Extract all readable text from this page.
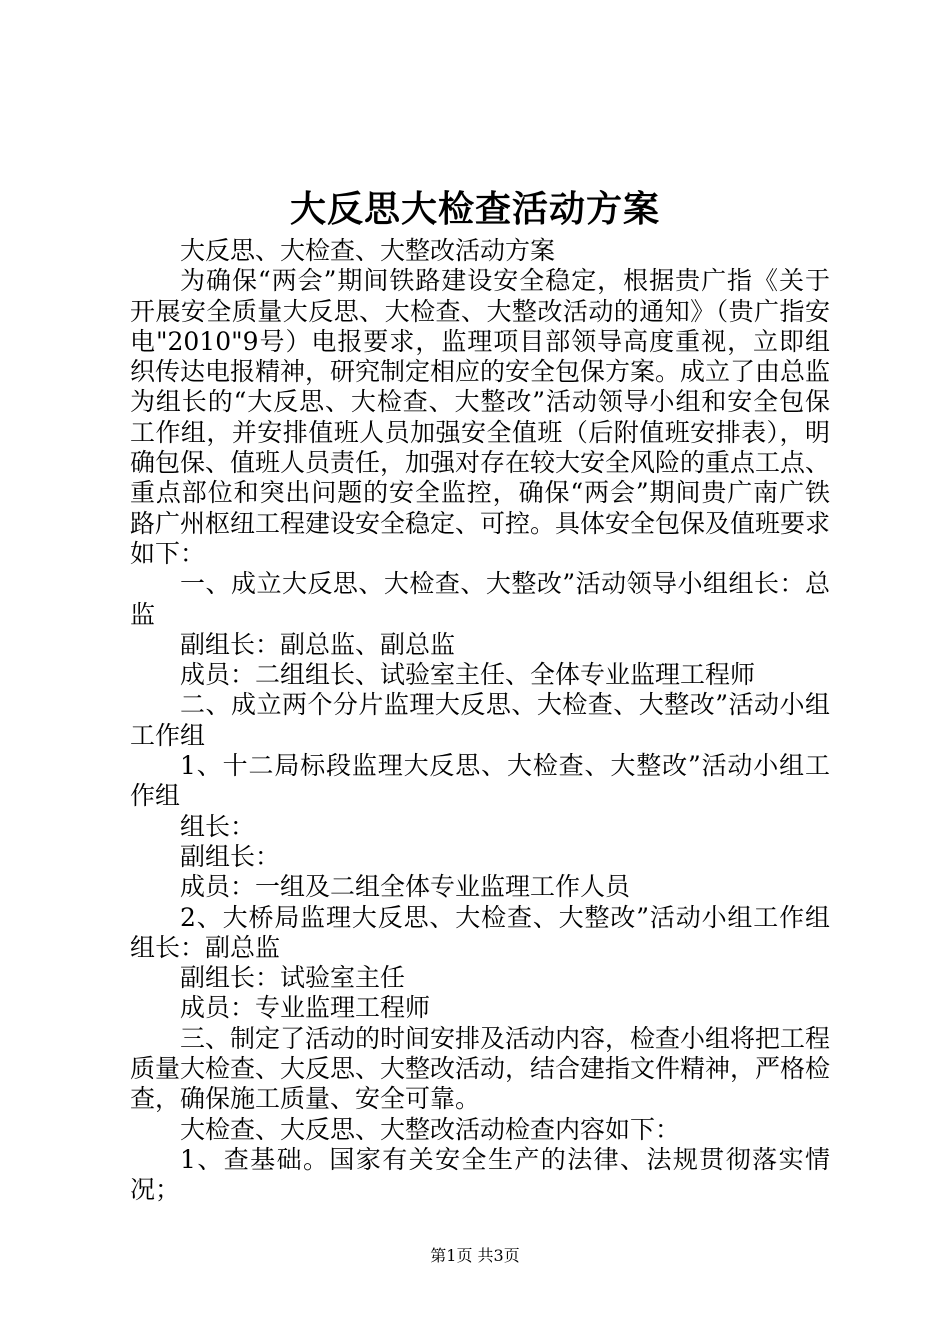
大反思大检查活动方案

大反思、大检查、大整改活动方案

为确保“两会”期间铁路建设安全稳定，根据贵广指《关于开展安全质量大反思、大检查、大整改活动的通知》（贵广指安电"2010"9号）电报要求，监理项目部领导高度重视，立即组织传达电报精神，研究制定相应的安全包保方案。成立了由总监为组长的“大反思、大检查、大整改”活动领导小组和安全包保工作组，并安排值班人员加强安全值班（后附值班安排表），明确包保、值班人员责任，加强对存在较大安全风险的重点工点、重点部位和突出问题的安全监控，确保“两会”期间贵广南广铁路广州枢纽工程建设安全稳定、可控。具体安全包保及值班要求如下：

一、成立大反思、大检查、大整改”活动领导小组组长：总监

副组长：副总监、副总监

成员：二组组长、试验室主任、全体专业监理工程师

二、成立两个分片监理大反思、大检查、大整改”活动小组工作组

1、十二局标段监理大反思、大检查、大整改”活动小组工作组

组长：

副组长：

成员：一组及二组全体专业监理工作人员

2、大桥局监理大反思、大检查、大整改”活动小组工作组组长：副总监

副组长：试验室主任

成员：专业监理工程师

三、制定了活动的时间安排及活动内容，检查小组将把工程质量大检查、大反思、大整改活动，结合建指文件精神，严格检查，确保施工质量、安全可靠。

大检查、大反思、大整改活动检查内容如下：

1、查基础。国家有关安全生产的法律、法规贯彻落实情况；

第1页 共3页
